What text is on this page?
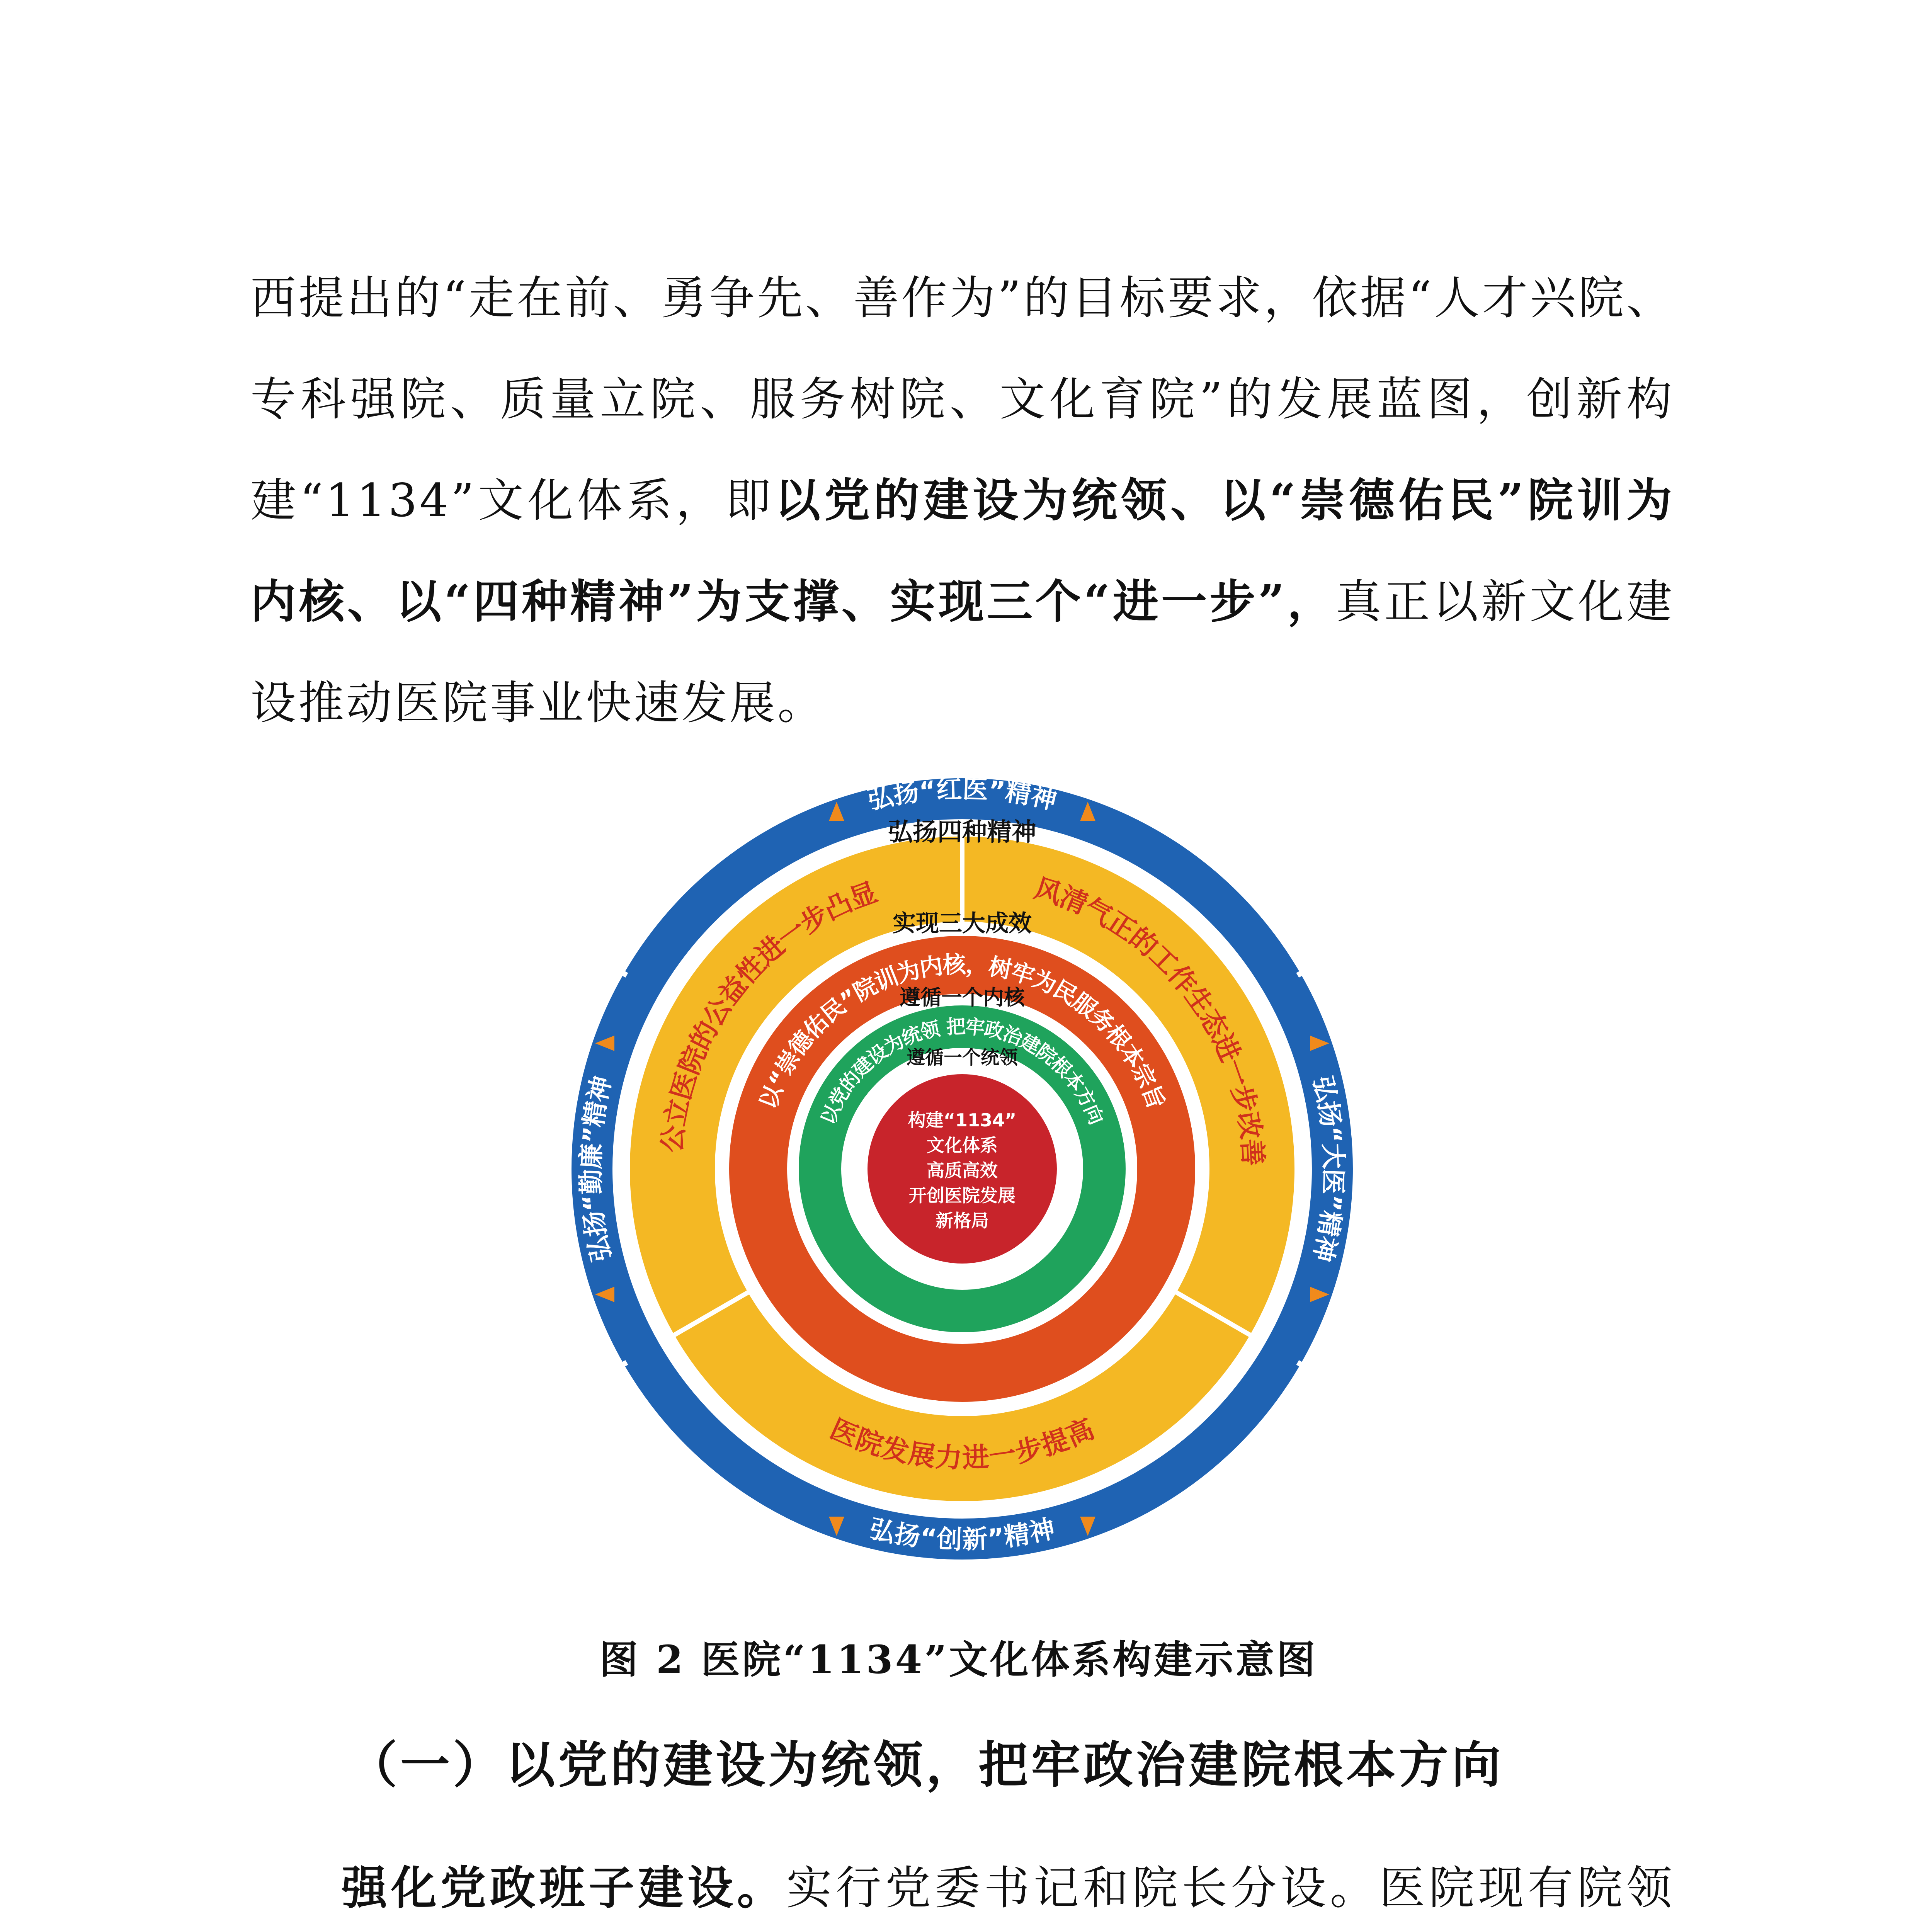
西提出的“走在前、勇争先、善作为”的目标要求，依据“人才兴院、专科强院、质量立院、服务树院、文化育院”的发展蓝图，创新构建“1134”文化体系，即以党的建设为统领、以“崇德佑民”院训为内核、以“四种精神”为支撑、实现三个“进一步”，真正以新文化建设推动医院事业快速发展。

弘扬“红医”精神
弘扬“创新”精神
弘扬“大医”精神
弘扬“勤廉”精神
弘扬四种精神
公立医院的公益性进一步凸显	风清气正的工作生态进一步改善
医院发展力进一步提高
实现三大成效
以“崇德佑民”院训为内核，树牢为民服务根本宗旨
遵循一个内核
以党的建设为统领 把牢政治建院根本方向
遵循一个统领
构建“1134”
文化体系
高质高效
开创医院发展
新格局

图 2 医院“1134”文化体系构建示意图

（一）以党的建设为统领，把牢政治建院根本方向

强化党政班子建设。实行党委书记和院长分设。医院现有院领
